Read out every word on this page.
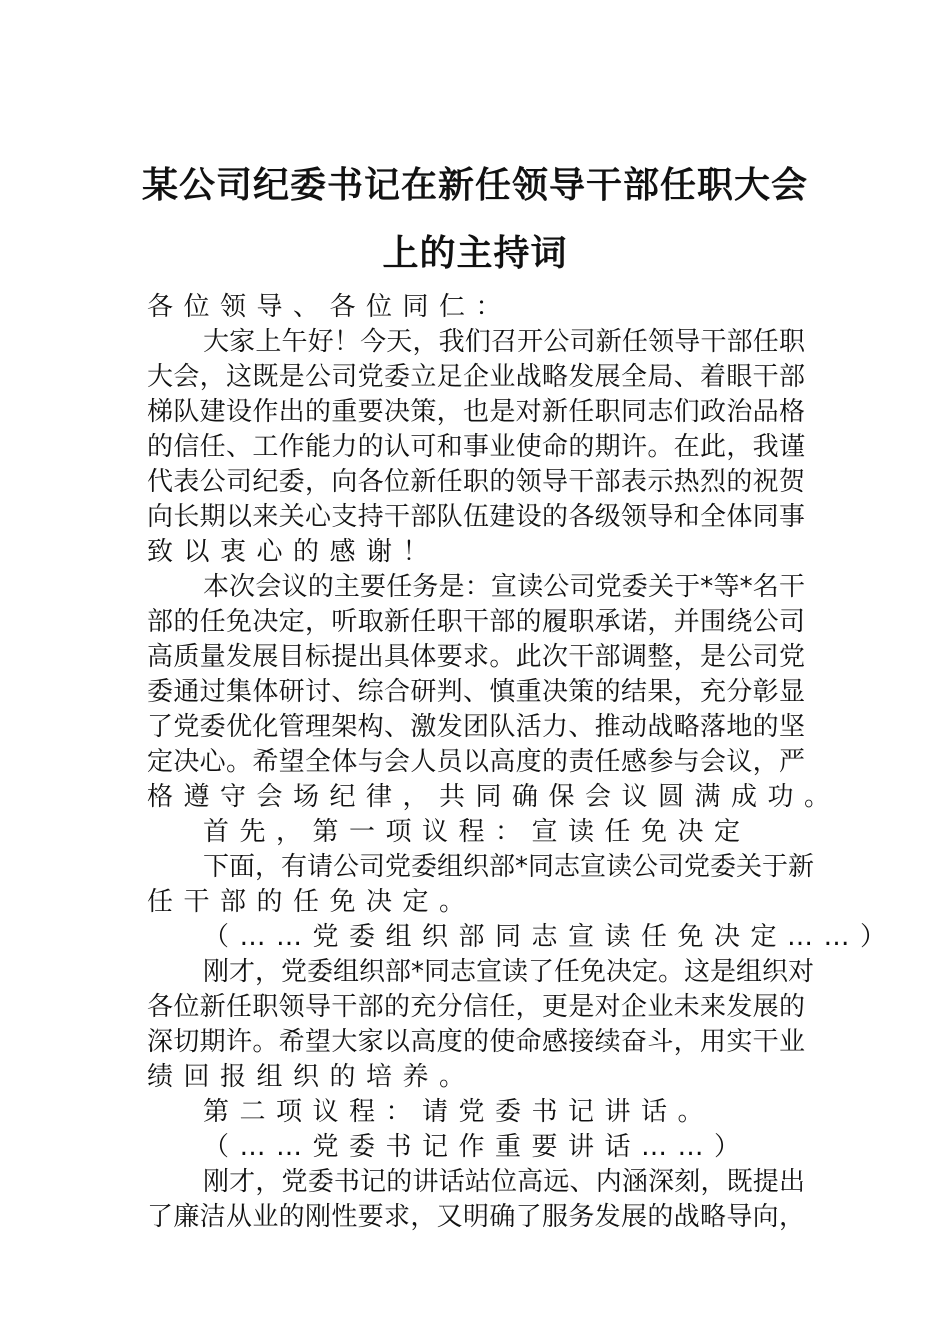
某公司纪委书记在新任领导干部任职大会
上的主持词
各位领导、各位同仁：
大家上午好！今天，我们召开公司新任领导干部任职
大会，这既是公司党委立足企业战略发展全局、着眼干部
梯队建设作出的重要决策，也是对新任职同志们政治品格
的信任、工作能力的认可和事业使命的期许。在此，我谨
代表公司纪委，向各位新任职的领导干部表示热烈的祝贺
向长期以来关心支持干部队伍建设的各级领导和全体同事
致以衷心的感谢！
本次会议的主要任务是：宣读公司党委关于*等*名干
部的任免决定，听取新任职干部的履职承诺，并围绕公司
高质量发展目标提出具体要求。此次干部调整，是公司党
委通过集体研讨、综合研判、慎重决策的结果，充分彰显
了党委优化管理架构、激发团队活力、推动战略落地的坚
定决心。希望全体与会人员以高度的责任感参与会议，严
格遵守会场纪律，共同确保会议圆满成功。
首先，第一项议程：宣读任免决定
下面，有请公司党委组织部*同志宣读公司党委关于新
任干部的任免决定。
（……党委组织部同志宣读任免决定……）
刚才，党委组织部*同志宣读了任免决定。这是组织对
各位新任职领导干部的充分信任，更是对企业未来发展的
深切期许。希望大家以高度的使命感接续奋斗，用实干业
绩回报组织的培养。
第二项议程：请党委书记讲话。
（……党委书记作重要讲话……）
刚才，党委书记的讲话站位高远、内涵深刻，既提出
了廉洁从业的刚性要求，又明确了服务发展的战略导向，
